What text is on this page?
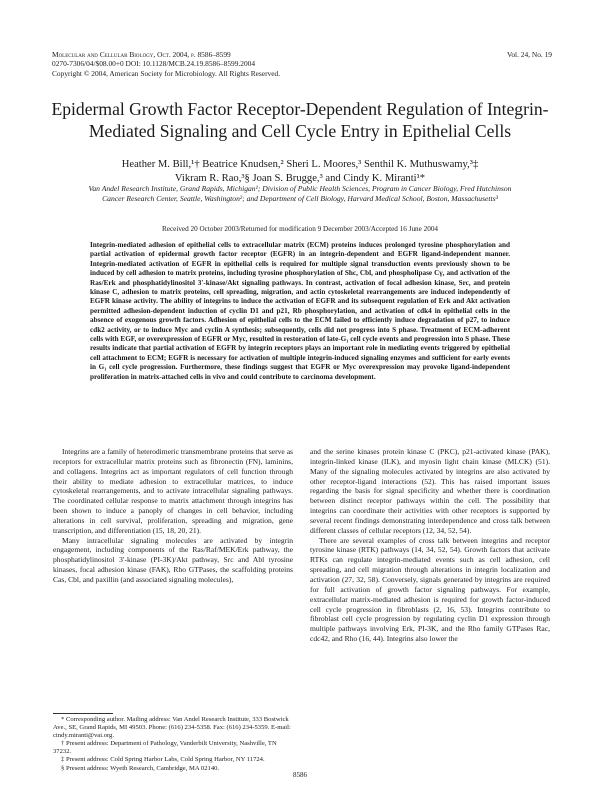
Molecular and Cellular Biology, Oct. 2004, p. 8586–8599	Vol. 24, No. 19
0270-7306/04/$08.00+0 DOI: 10.1128/MCB.24.19.8586–8599.2004
Copyright © 2004, American Society for Microbiology. All Rights Reserved.
Epidermal Growth Factor Receptor-Dependent Regulation of Integrin-Mediated Signaling and Cell Cycle Entry in Epithelial Cells
Heather M. Bill,¹† Beatrice Knudsen,² Sheri L. Moores,³ Senthil K. Muthuswamy,³‡
Vikram R. Rao,³§ Joan S. Brugge,³ and Cindy K. Miranti¹*
Van Andel Research Institute, Grand Rapids, Michigan¹; Division of Public Health Sciences, Program in Cancer Biology, Fred Hutchinson Cancer Research Center, Seattle, Washington²; and Department of Cell Biology, Harvard Medical School, Boston, Massachusetts³
Received 20 October 2003/Returned for modification 9 December 2003/Accepted 16 June 2004
Integrin-mediated adhesion of epithelial cells to extracellular matrix (ECM) proteins induces prolonged tyrosine phosphorylation and partial activation of epidermal growth factor receptor (EGFR) in an integrin-dependent and EGFR ligand-independent manner. Integrin-mediated activation of EGFR in epithelial cells is required for multiple signal transduction events previously shown to be induced by cell adhesion to matrix proteins, including tyrosine phosphorylation of Shc, Cbl, and phospholipase Cγ, and activation of the Ras/Erk and phosphatidylinositol 3′-kinase/Akt signaling pathways. In contrast, activation of focal adhesion kinase, Src, and protein kinase C, adhesion to matrix proteins, cell spreading, migration, and actin cytoskeletal rearrangements are induced independently of EGFR kinase activity. The ability of integrins to induce the activation of EGFR and its subsequent regulation of Erk and Akt activation permitted adhesion-dependent induction of cyclin D1 and p21, Rb phosphorylation, and activation of cdk4 in epithelial cells in the absence of exogenous growth factors. Adhesion of epithelial cells to the ECM failed to efficiently induce degradation of p27, to induce cdk2 activity, or to induce Myc and cyclin A synthesis; subsequently, cells did not progress into S phase. Treatment of ECM-adherent cells with EGF, or overexpression of EGFR or Myc, resulted in restoration of late-G₁ cell cycle events and progression into S phase. These results indicate that partial activation of EGFR by integrin receptors plays an important role in mediating events triggered by epithelial cell attachment to ECM; EGFR is necessary for activation of multiple integrin-induced signaling enzymes and sufficient for early events in G₁ cell cycle progression. Furthermore, these findings suggest that EGFR or Myc overexpression may provoke ligand-independent proliferation in matrix-attached cells in vivo and could contribute to carcinoma development.

Integrins are a family of heterodimeric transmembrane proteins that serve as receptors for extracellular matrix proteins such as fibronectin (FN), laminins, and collagens. Integrins act as important regulators of cell function through their ability to mediate adhesion to extracellular matrices, to induce cytoskeletal rearrangements, and to activate intracellular signaling pathways. The coordinated cellular response to matrix attachment through integrins has been shown to induce a panoply of changes in cell behavior, including alterations in cell survival, proliferation, spreading and migration, gene transcription, and differentiation (15, 18, 20, 21).

Many intracellular signaling molecules are activated by integrin engagement, including components of the Ras/Raf/MEK/Erk pathway, the phosphatidylinositol 3′-kinase (PI-3K)/Akt pathway, Src and Abl tyrosine kinases, focal adhesion kinase (FAK), Rho GTPases, the scaffolding proteins Cas, Cbl, and paxillin (and associated signaling molecules),

* Corresponding author. Mailing address: Van Andel Research Institute, 333 Bostwick Ave., SE, Grand Rapids, MI 49503. Phone: (616) 234-5358. Fax: (616) 234-5359. E-mail: cindy.miranti@vai.org.

† Present address: Department of Pathology, Vanderbilt University, Nashville, TN 37232.

‡ Present address: Cold Spring Harbor Labs, Cold Spring Harbor, NY 11724.

§ Present address: Wyeth Research, Cambridge, MA 02140.

and the serine kinases protein kinase C (PKC), p21-activated kinase (PAK), integrin-linked kinase (ILK), and myosin light chain kinase (MLCK) (51). Many of the signaling molecules activated by integrins are also activated by other receptor-ligand interactions (52). This has raised important issues regarding the basis for signal specificity and whether there is coordination between distinct receptor pathways within the cell. The possibility that integrins can coordinate their activities with other receptors is supported by several recent findings demonstrating interdependence and cross talk between different classes of cellular receptors (12, 34, 52, 54).

There are several examples of cross talk between integrins and receptor tyrosine kinase (RTK) pathways (14, 34, 52, 54). Growth factors that activate RTKs can regulate integrin-mediated events such as cell adhesion, cell spreading, and cell migration through alterations in integrin localization and activation (27, 32, 58). Conversely, signals generated by integrins are required for full activation of growth factor signaling pathways. For example, extracellular matrix-mediated adhesion is required for growth factor-induced cell cycle progression in fibroblasts (2, 16, 53). Integrins contribute to fibroblast cell cycle progression by regulating cyclin D1 expression through multiple pathways involving Erk, PI-3K, and the Rho family GTPases Rac, cdc42, and Rho (16, 44). Integrins also lower the

8586
